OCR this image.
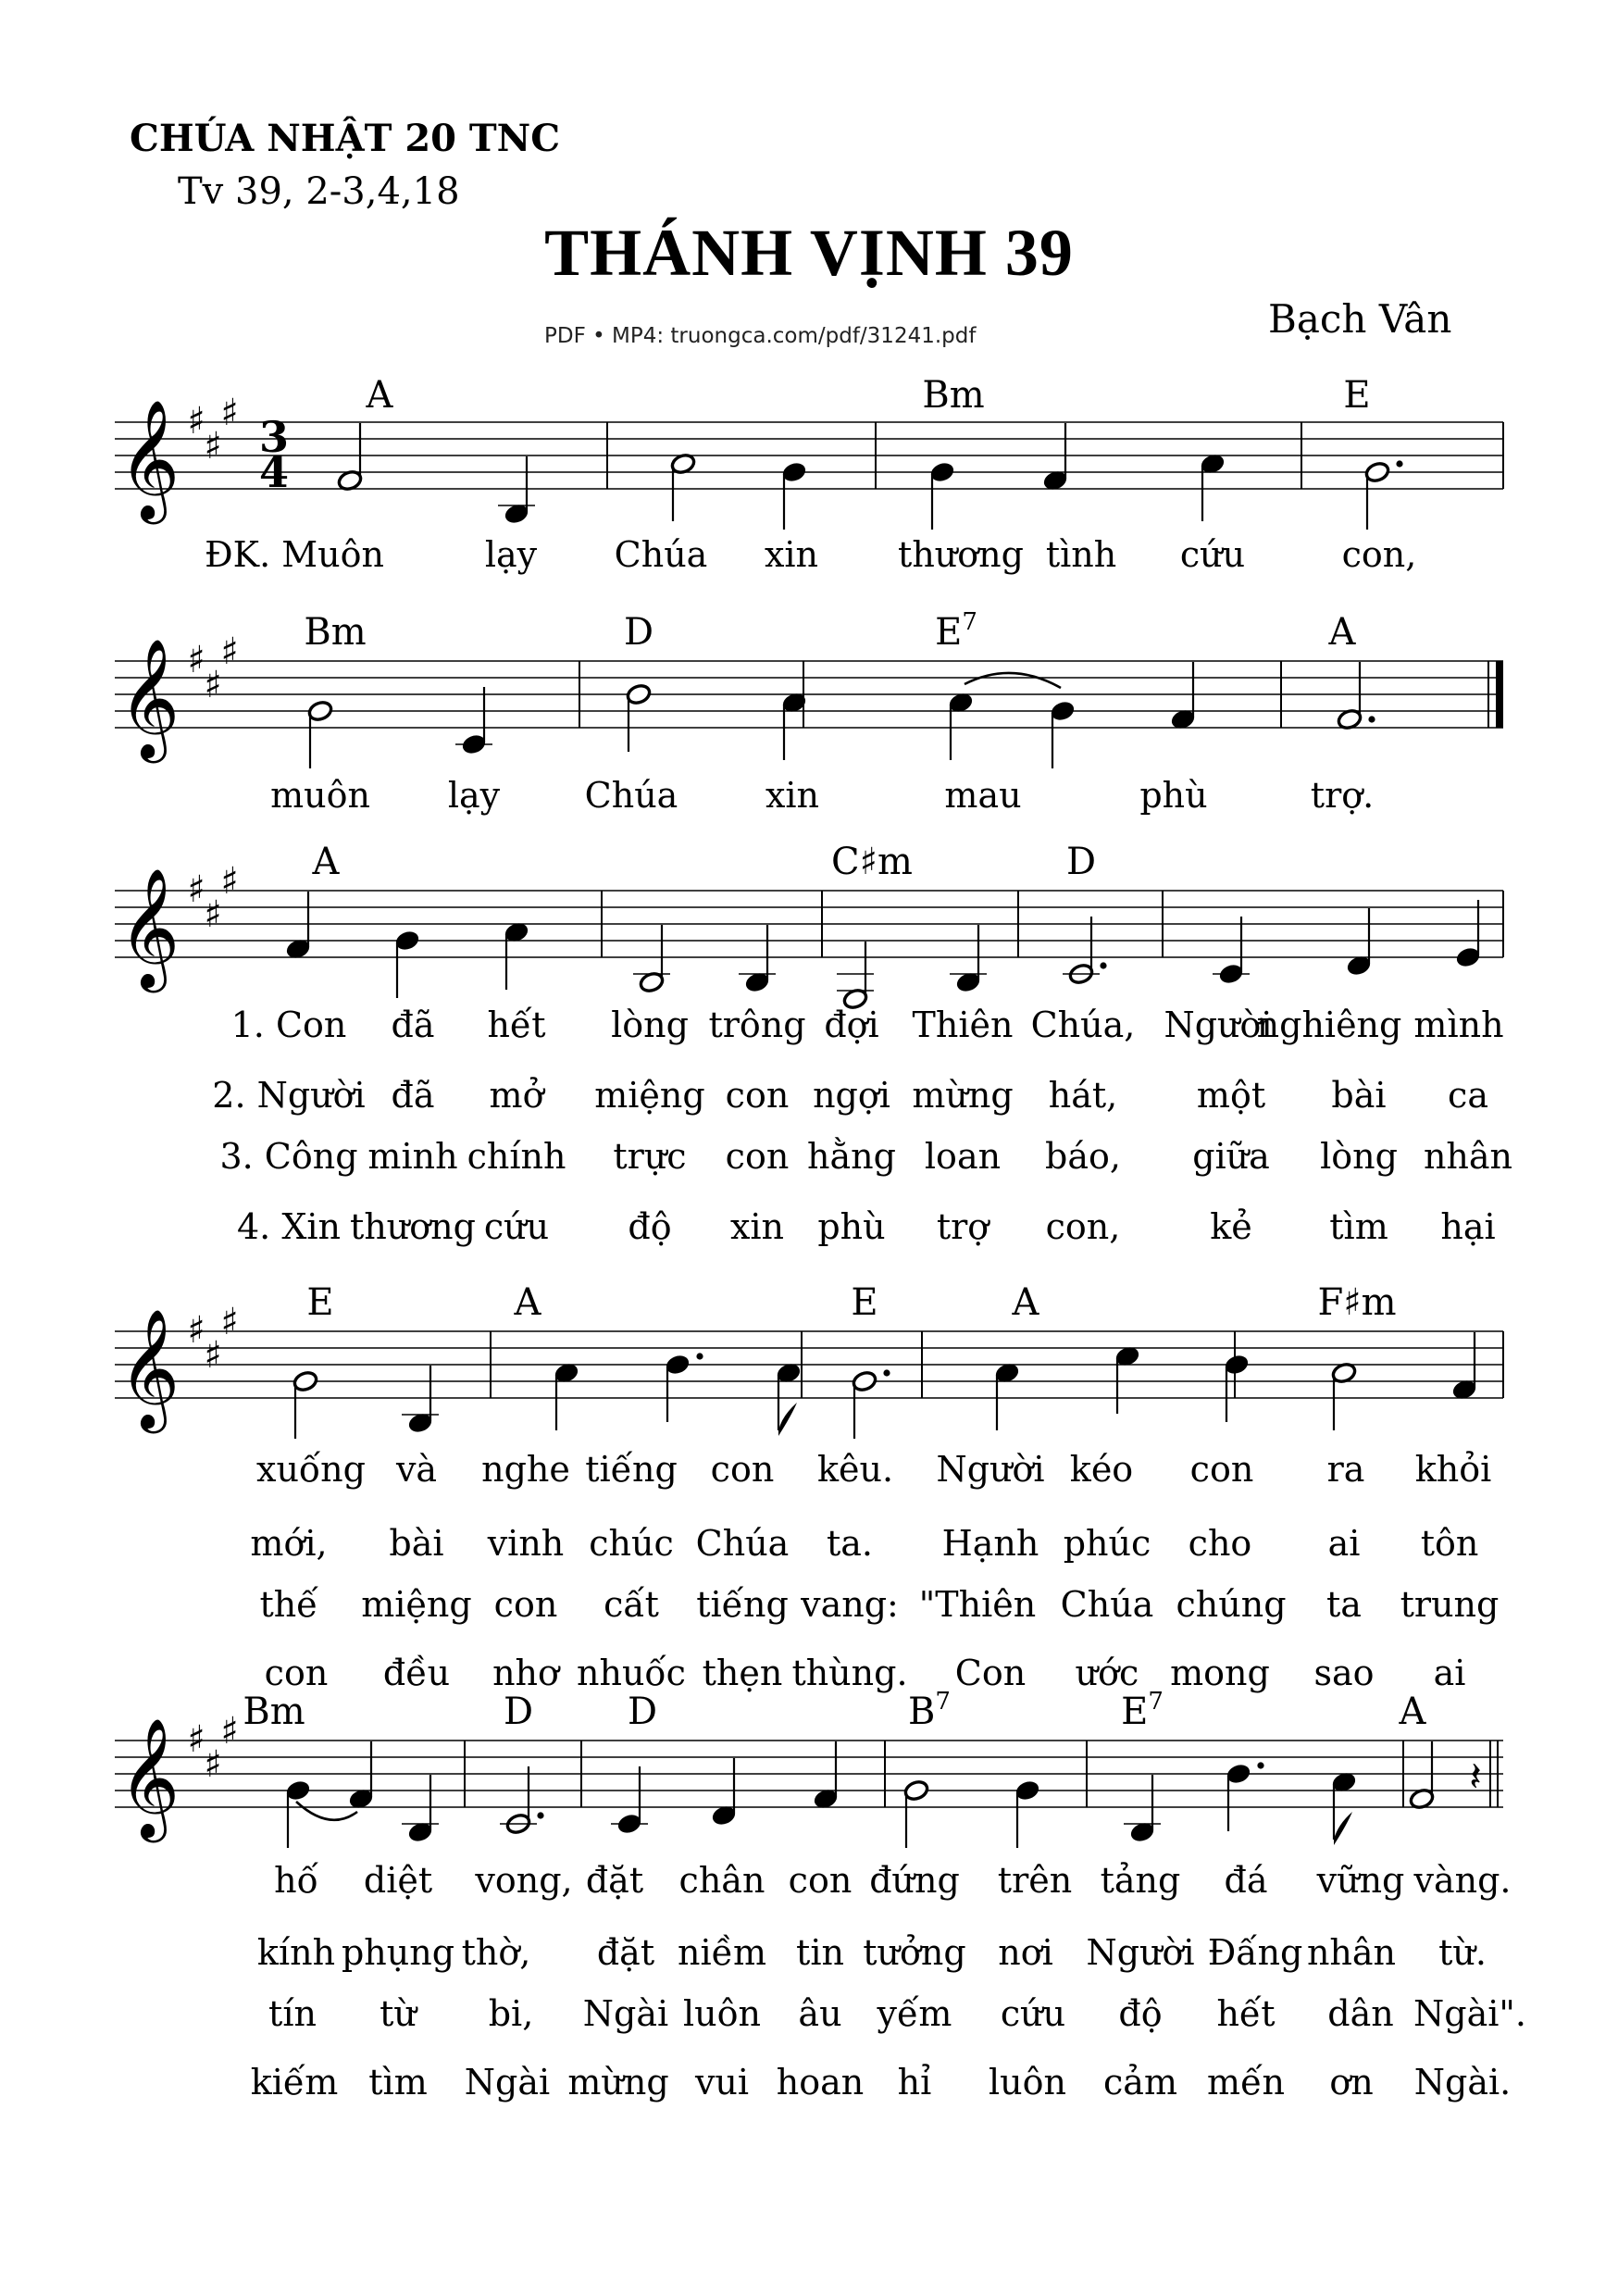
CHÚA NHẬT 20 TNC
Tv 39, 2-3,4,18
THÁNH VỊNH 39
Bạch Vân
PDF • MP4: truongca.com/pdf/31241.pdf
𝄞 ♯
♯
♯ 3
4
A	Bm	E
ĐK. Muôn	lạy Chúa xin thương tình cứu	con,
𝄞 ♯
♯
♯ Bm	D	$E^7$	A
muôn lạy Chúa xin	mau	phù	trợ.
𝄞 ♯
♯
♯ A	C♯m	D
1. Con đã hết lòng trông đợi Thiên Chúa, Người
nghiêng mình
2. Người đã mở miệng con ngợi mừng hát, một bài ca
3. Công minh chính trực con hằng loan báo, giữa lòng nhân
4. Xin thương cứu độ xin phù trợ con,	kẻ tìm hại
𝄞 ♯
♯
♯ E	A	E	A	F♯m
xuống và nghe tiếng con kêu. Người kéo con ra khỏi
mới, bài vinh chúc Chúa ta. Hạnh phúc cho ai tôn
thế miệng con cất tiếng vang: "Thiên Chúa chúng ta trung
con đều nhơ nhuốc thẹn thùng. Con ước mong sao ai
𝄞 ♯
♯
♯ Bm	D	D	$B^7$	$E^7$	A
𝄽
hố diệt vong, đặt chân con đứng trên tảng đá vững vàng.
kính phụng thờ, đặt niềm tin tưởng nơi Người Đấng nhân từ.
tín từ bi, Ngài luôn âu yếm cứu độ hết dân Ngài".
kiếm tìm Ngài mừng vui hoan hỉ luôn cảm mến ơn Ngài.
